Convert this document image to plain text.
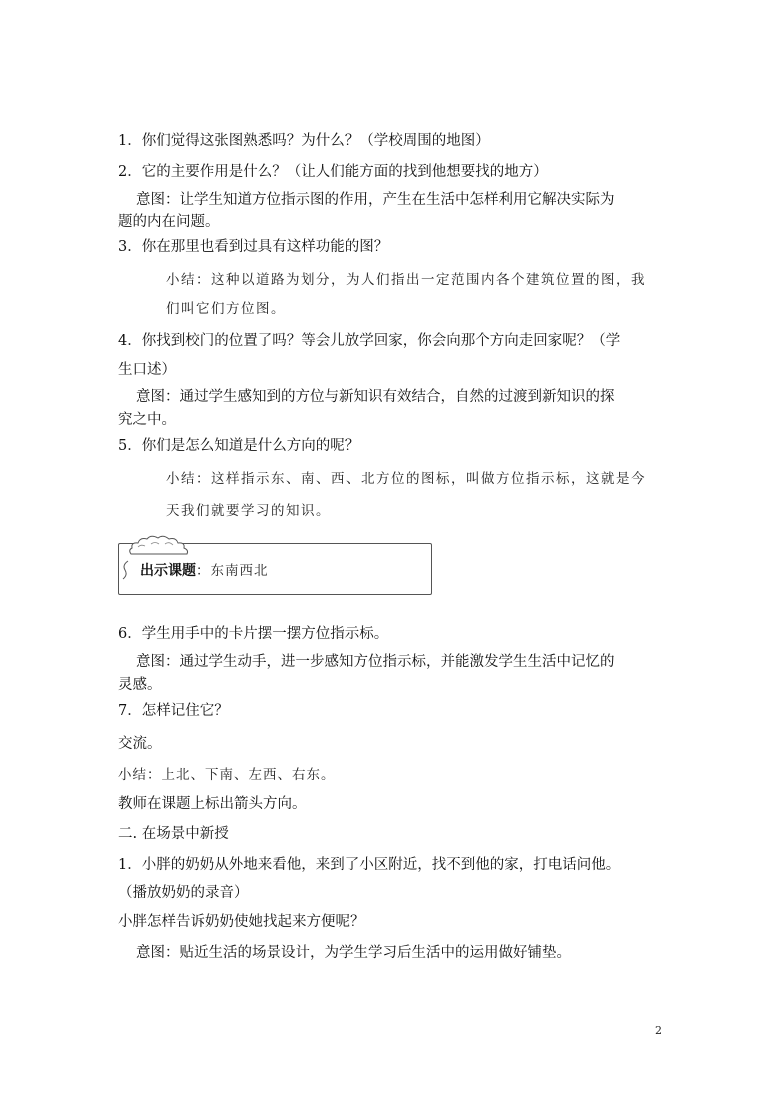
1．你们觉得这张图熟悉吗？为什么？（学校周围的地图）
2．它的主要作用是什么？（让人们能方面的找到他想要找的地方）
意图：让学生知道方位指示图的作用，产生在生活中怎样利用它解决实际为
题的内在问题。
3．你在那里也看到过具有这样功能的图？
小结：这种以道路为划分，为人们指出一定范围内各个建筑位置的图，我
们叫它们方位图。
4．你找到校门的位置了吗？等会儿放学回家，你会向那个方向走回家呢？（学
生口述）
意图：通过学生感知到的方位与新知识有效结合，自然的过渡到新知识的探
究之中。
5．你们是怎么知道是什么方向的呢？
小结：这样指示东、南、西、北方位的图标，叫做方位指示标，这就是今
天我们就要学习的知识。
出示课题：东南西北
6．学生用手中的卡片摆一摆方位指示标。
意图：通过学生动手，进一步感知方位指示标，并能激发学生生活中记忆的
灵感。
7．怎样记住它？
交流。
小结：上北、下南、左西、右东。
教师在课题上标出箭头方向。
二. 在场景中新授
1．小胖的奶奶从外地来看他，来到了小区附近，找不到他的家，打电话问他。
（播放奶奶的录音）
小胖怎样告诉奶奶使她找起来方便呢？
意图：贴近生活的场景设计，为学生学习后生活中的运用做好铺垫。
2
